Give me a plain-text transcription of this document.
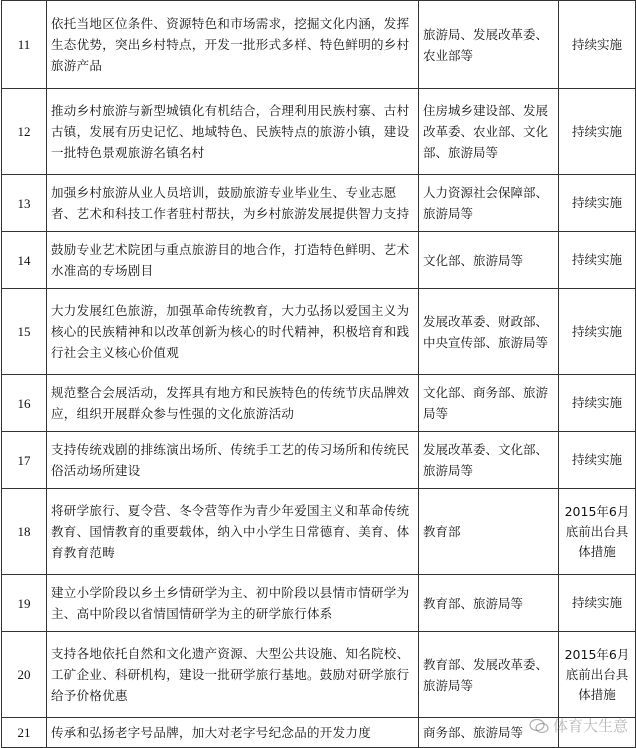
11	依托当地区位条件、资源特色和市场需求，挖掘文化内涵，发挥生态优势，突出乡村特点，开发一批形式多样、特色鲜明的乡村旅游产品	旅游局、发展改革委、农业部等	持续实施
12	推动乡村旅游与新型城镇化有机结合，合理利用民族村寨、古村古镇，发展有历史记忆、地域特色、民族特点的旅游小镇，建设一批特色景观旅游名镇名村	住房城乡建设部、发展改革委、农业部、文化部、旅游局等	持续实施
13	加强乡村旅游从业人员培训，鼓励旅游专业毕业生、专业志愿者、艺术和科技工作者驻村帮扶，为乡村旅游发展提供智力支持	人力资源社会保障部、旅游局等	持续实施
14	鼓励专业艺术院团与重点旅游目的地合作，打造特色鲜明、艺术水准高的专场剧目	文化部、旅游局等	持续实施
15	大力发展红色旅游，加强革命传统教育，大力弘扬以爱国主义为核心的民族精神和以改革创新为核心的时代精神，积极培育和践行社会主义核心价值观	发展改革委、财政部、中央宣传部、旅游局等	持续实施
16	规范整合会展活动，发挥具有地方和民族特色的传统节庆品牌效应，组织开展群众参与性强的文化旅游活动	文化部、商务部、旅游局等	持续实施
17	支持传统戏剧的排练演出场所、传统手工艺的传习场所和传统民俗活动场所建设	发展改革委、文化部、旅游局等	持续实施
18	将研学旅行、夏令营、冬令营等作为青少年爱国主义和革命传统教育、国情教育的重要载体，纳入中小学生日常德育、美育、体育教育范畴	教育部	2015年6月底前出台具体措施
19	建立小学阶段以乡土乡情研学为主、初中阶段以县情市情研学为主、高中阶段以省情国情研学为主的研学旅行体系	教育部、旅游局等	持续实施
20	支持各地依托自然和文化遗产资源、大型公共设施、知名院校、工矿企业、科研机构，建设一批研学旅行基地。鼓励对研学旅行给予价格优惠	教育部、发展改革委、旅游局等	2015年6月底前出台具体措施
21	传承和弘扬老字号品牌，加大对老字号纪念品的开发力度	商务部、旅游局等	体育大生意
